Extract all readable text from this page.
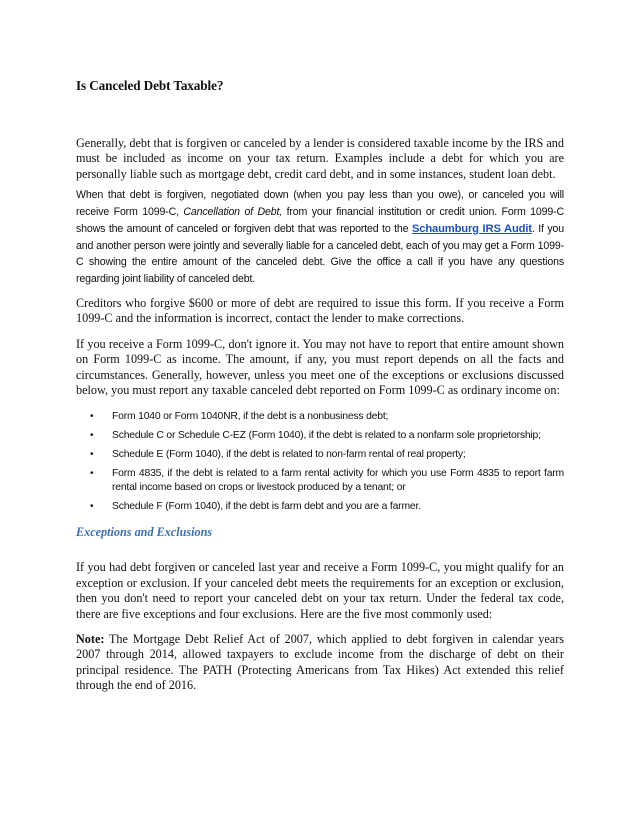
Is Canceled Debt Taxable?

Generally, debt that is forgiven or canceled by a lender is considered taxable income by the IRS and must be included as income on your tax return. Examples include a debt for which you are personally liable such as mortgage debt, credit card debt, and in some instances, student loan debt.

When that debt is forgiven, negotiated down (when you pay less than you owe), or canceled you will receive Form 1099-C, Cancellation of Debt, from your financial institution or credit union. Form 1099-C shows the amount of canceled or forgiven debt that was reported to the Schaumburg IRS Audit. If you and another person were jointly and severally liable for a canceled debt, each of you may get a Form 1099-C showing the entire amount of the canceled debt. Give the office a call if you have any questions regarding joint liability of canceled debt.

Creditors who forgive $600 or more of debt are required to issue this form. If you receive a Form 1099-C and the information is incorrect, contact the lender to make corrections.

If you receive a Form 1099-C, don't ignore it. You may not have to report that entire amount shown on Form 1099-C as income. The amount, if any, you must report depends on all the facts and circumstances. Generally, however, unless you meet one of the exceptions or exclusions discussed below, you must report any taxable canceled debt reported on Form 1099-C as ordinary income on:

• Form 1040 or Form 1040NR, if the debt is a nonbusiness debt;
• Schedule C or Schedule C-EZ (Form 1040), if the debt is related to a nonfarm sole proprietorship;
• Schedule E (Form 1040), if the debt is related to non-farm rental of real property;
• Form 4835, if the debt is related to a farm rental activity for which you use Form 4835 to report farm rental income based on crops or livestock produced by a tenant; or
• Schedule F (Form 1040), if the debt is farm debt and you are a farmer.
Exceptions and Exclusions

If you had debt forgiven or canceled last year and receive a Form 1099-C, you might qualify for an exception or exclusion. If your canceled debt meets the requirements for an exception or exclusion, then you don't need to report your canceled debt on your tax return. Under the federal tax code, there are five exceptions and four exclusions. Here are the five most commonly used:

Note: The Mortgage Debt Relief Act of 2007, which applied to debt forgiven in calendar years 2007 through 2014, allowed taxpayers to exclude income from the discharge of debt on their principal residence. The PATH (Protecting Americans from Tax Hikes) Act extended this relief through the end of 2016.
